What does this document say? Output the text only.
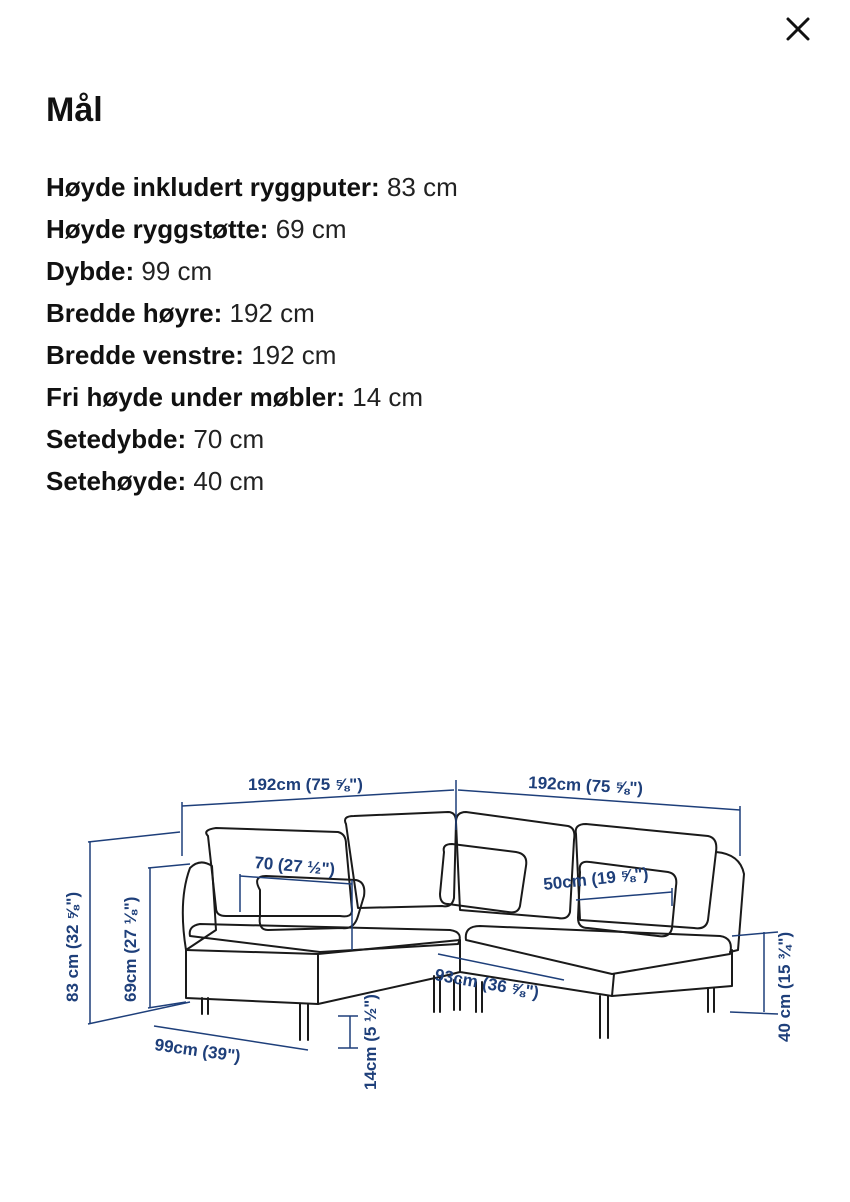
Mål
Høyde inkludert ryggputer: 83 cm
Høyde ryggstøtte: 69 cm
Dybde: 99 cm
Bredde høyre: 192 cm
Bredde venstre: 192 cm
Fri høyde under møbler: 14 cm
Setedybde: 70 cm
Setehøyde: 40 cm
192cm (75 ⅝")	192cm (75 ⅝")
83 cm (32 ⅝") 69cm (27 ⅛")
99cm (39")
70 (27 ½")	50cm (19 ⅝")
93cm (36 ⅝")
14cm (5 ½")
40 cm (15 ¾")
